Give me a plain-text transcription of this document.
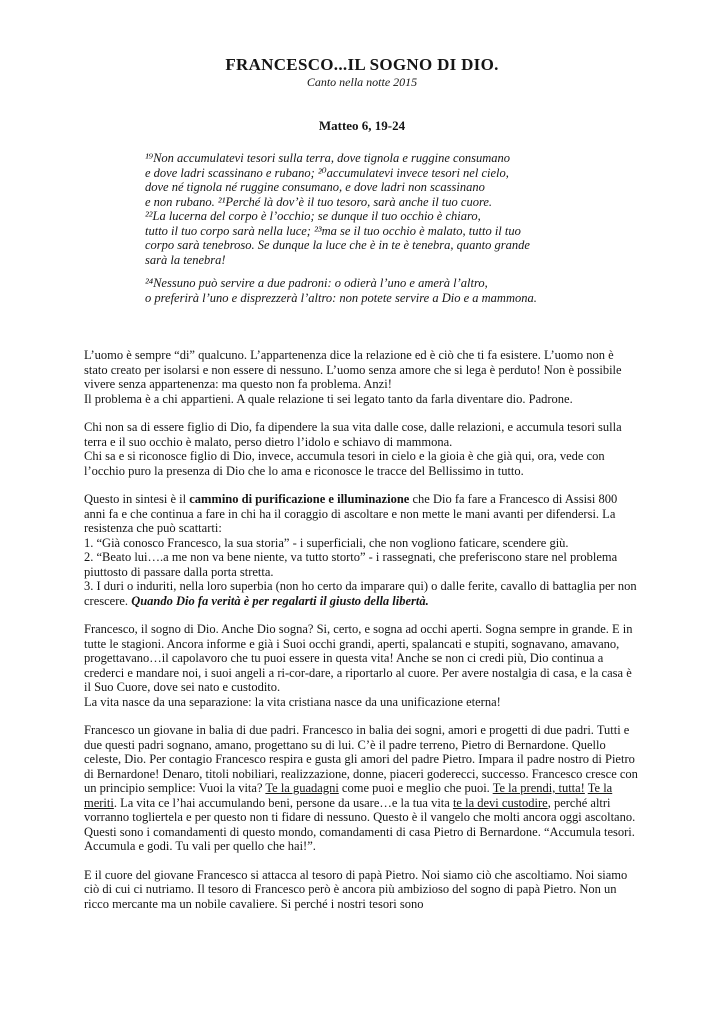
FRANCESCO...IL SOGNO DI DIO.
Canto nella notte 2015
Matteo 6, 19-24
¹⁹Non accumulatevi tesori sulla terra, dove tignola e ruggine consumano
e dove ladri scassinano e rubano; ²⁰accumulatevi invece tesori nel cielo,
dove né tignola né ruggine consumano, e dove ladri non scassinano
e non rubano. ²¹Perché là dov’è il tuo tesoro, sarà anche il tuo cuore.
²²La lucerna del corpo è l’occhio; se dunque il tuo occhio è chiaro,
tutto il tuo corpo sarà nella luce; ²³ma se il tuo occhio è malato, tutto il tuo
corpo sarà tenebroso. Se dunque la luce che è in te è tenebra, quanto grande
sarà la tenebra!
²⁴Nessuno può servire a due padroni: o odierà l’uno e amerà l’altro,
o preferirà l’uno e disprezzerà l’altro: non potete servire a Dio e a mammona.

L’uomo è sempre “di” qualcuno. L’appartenenza dice la relazione ed è ciò che ti fa esistere. L’uomo non è stato creato per isolarsi e non essere di nessuno. L’uomo senza amore che si lega è perduto! Non è possibile vivere senza appartenenza: ma questo non fa problema. Anzi!
Il problema è a chi appartieni. A quale relazione ti sei legato tanto da farla diventare dio. Padrone.

Chi non sa di essere figlio di Dio, fa dipendere la sua vita dalle cose, dalle relazioni, e accumula tesori sulla terra e il suo occhio è malato, perso dietro l’idolo e schiavo di mammona.
Chi sa e si riconosce figlio di Dio, invece, accumula tesori in cielo e la gioia è che già qui, ora, vede con l’occhio puro la presenza di Dio che lo ama e riconosce le tracce del Bellissimo in tutto.

Questo in sintesi è il cammino di purificazione e illuminazione che Dio fa fare a Francesco di Assisi 800 anni fa e che continua a fare in chi ha il coraggio di ascoltare e non mette le mani avanti per difendersi. La resistenza che può scattarti:
1. “Già conosco Francesco, la sua storia” - i superficiali, che non vogliono faticare, scendere giù.
2. “Beato lui….a me non va bene niente, va tutto storto” - i rassegnati, che preferiscono stare nel problema piuttosto di passare dalla porta stretta.
3. I duri o induriti, nella loro superbia (non ho certo da imparare qui) o dalle ferite, cavallo di battaglia per non crescere. Quando Dio fa verità è per regalarti il giusto della libertà.

Francesco, il sogno di Dio. Anche Dio sogna? Si, certo, e sogna ad occhi aperti. Sogna sempre in grande. E in tutte le stagioni. Ancora informe e già i Suoi occhi grandi, aperti, spalancati e stupiti, sognavano, amavano, progettavano…il capolavoro che tu puoi essere in questa vita! Anche se non ci credi più, Dio continua a crederci e mandare noi, i suoi angeli a ri-cor-dare, a riportarlo al cuore. Per avere nostalgia di casa, e la casa è il Suo Cuore, dove sei nato e custodito.
La vita nasce da una separazione: la vita cristiana nasce da una unificazione eterna!

Francesco un giovane in balia di due padri. Francesco in balia dei sogni, amori e progetti di due padri. Tutti e due questi padri sognano, amano, progettano su di lui. C’è il padre terreno, Pietro di Bernardone. Quello celeste, Dio. Per contagio Francesco respira e gusta gli amori del padre Pietro. Impara il padre nostro di Pietro di Bernardone! Denaro, titoli nobiliari, realizzazione, donne, piaceri goderecci, successo. Francesco cresce con un principio semplice: Vuoi la vita? Te la guadagni come puoi e meglio che puoi. Te la prendi, tutta! Te la meriti. La vita ce l’hai accumulando beni, persone da usare…e la tua vita te la devi custodire, perché altri vorranno togliertela e per questo non ti fidare di nessuno. Questo è il vangelo che molti ancora oggi ascoltano. Questi sono i comandamenti di questo mondo, comandamenti di casa Pietro di Bernardone. “Accumula tesori. Accumula e godi. Tu vali per quello che hai!”.

E il cuore del giovane Francesco si attacca al tesoro di papà Pietro. Noi siamo ciò che ascoltiamo. Noi siamo ciò di cui ci nutriamo. Il tesoro di Francesco però è ancora più ambizioso del sogno di papà Pietro. Non un ricco mercante ma un nobile cavaliere. Si perché i nostri tesori sono
